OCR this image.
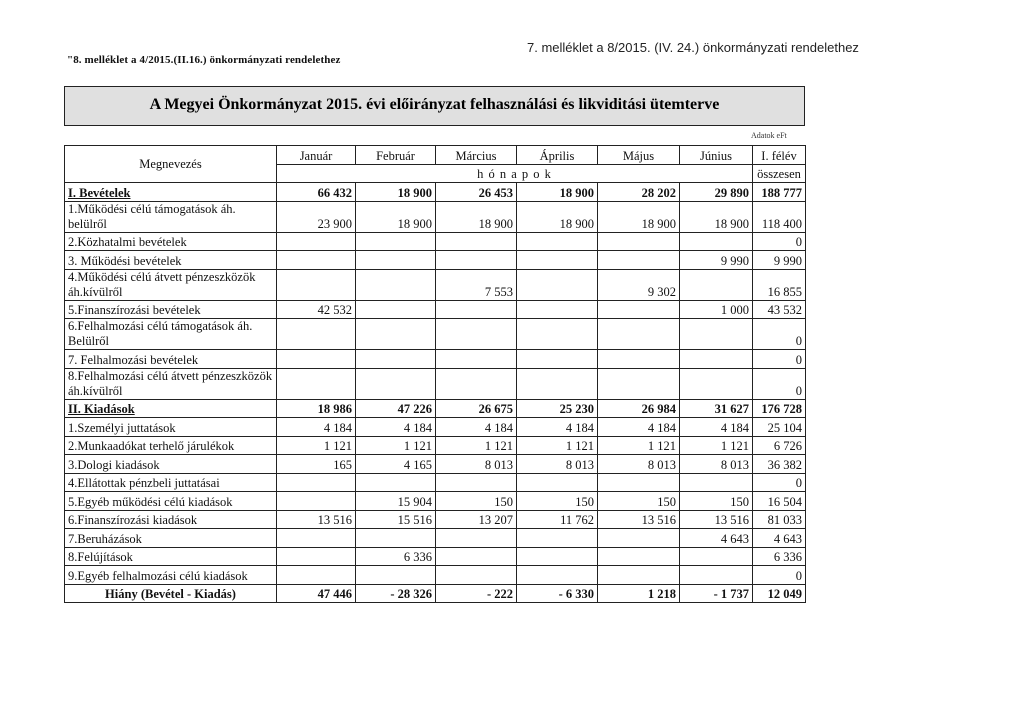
"8. melléklet a 4/2015.(II.16.) önkormányzati rendelethez
7. melléklet a 8/2015. (IV. 24.) önkormányzati rendelethez
A Megyei Önkormányzat 2015. évi előirányzat felhasználási és likviditási ütemterve
Adatok eFt
Megnevezés	Január	Február	Március	Április	Május	Június	I. félév
	h ó n a p o k						összesen
I. Bevételek	66 432	18 900	26 453	18 900	28 202	29 890	188 777
1.Működési célú támogatások áh. belülről	23 900	18 900	18 900	18 900	18 900	18 900	118 400
2.Közhatalmi bevételek							0
3. Működési bevételek						9 990	9 990
4.Működési célú átvett pénzeszközök áh.kívülről			7 553		9 302		16 855
5.Finanszírozási bevételek	42 532					1 000	43 532
6.Felhalmozási célú támogatások áh. Belülről							0
7. Felhalmozási bevételek							0
8.Felhalmozási célú átvett pénzeszközök áh.kívülről							0
II. Kiadások	18 986	47 226	26 675	25 230	26 984	31 627	176 728
1.Személyi juttatások	4 184	4 184	4 184	4 184	4 184	4 184	25 104
2.Munkaadókat terhelő járulékok	1 121	1 121	1 121	1 121	1 121	1 121	6 726
3.Dologi kiadások	165	4 165	8 013	8 013	8 013	8 013	36 382
4.Ellátottak pénzbeli juttatásai							0
5.Egyéb működési célú kiadások		15 904	150	150	150	150	16 504
6.Finanszírozási kiadások	13 516	15 516	13 207	11 762	13 516	13 516	81 033
7.Beruházások						4 643	4 643
8.Felújítások		6 336					6 336
9.Egyéb felhalmozási célú kiadások							0
Hiány (Bevétel - Kiadás)	47 446	- 28 326	- 222	- 6 330	1 218	- 1 737	12 049
